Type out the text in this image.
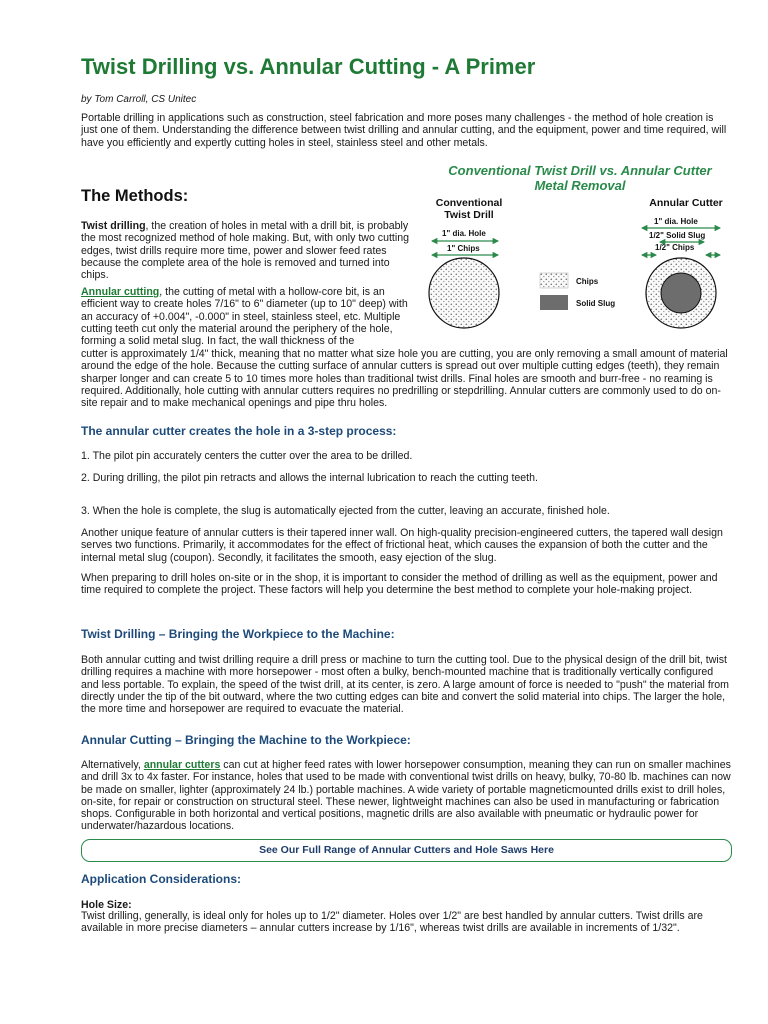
Twist Drilling vs. Annular Cutting - A Primer
by Tom Carroll, CS Unitec

Portable drilling in applications such as construction, steel fabrication and more poses many challenges - the method of hole creation is just one of them. Understanding the difference between twist drilling and annular cutting, and the equipment, power and time required, will have you efficiently and expertly cutting holes in steel, stainless steel and other metals.

The Methods:

Twist drilling, the creation of holes in metal with a drill bit, is probably the most recognized method of hole making. But, with only two cutting edges, twist drills require more time, power and slower feed rates because the complete area of the hole is removed and turned into chips.

Annular cutting, the cutting of metal with a hollow-core bit, is an efficient way to create holes 7/16" to 6" diameter (up to 10" deep) with an accuracy of +0.004", -0.000" in steel, stainless steel, etc. Multiple cutting teeth cut only the material around the periphery of the hole, forming a solid metal slug. In fact, the wall thickness of the

cutter is approximately 1/4" thick, meaning that no matter what size hole you are cutting, you are only removing a small amount of material around the edge of the hole. Because the cutting surface of annular cutters is spread out over multiple cutting edges (teeth), they remain sharper longer and can create 5 to 10 times more holes than traditional twist drills. Final holes are smooth and burr-free - no reaming is required. Additionally, hole cutting with annular cutters requires no predrilling or stepdrilling. Annular cutters are commonly used to do on-site repair and to make mechanical openings and pipe thru holes.

Conventional Twist Drill vs. Annular Cutter

Metal Removal

Conventional
Twist Drill
Annular Cutter
1" dia. Hole
1" Chips
1" dia. Hole
1/2" Solid Slug
1/2" Chips
Chips
Solid Slug
The annular cutter creates the hole in a 3-step process:

1. The pilot pin accurately centers the cutter over the area to be drilled.

2. During drilling, the pilot pin retracts and allows the internal lubrication to reach the cutting teeth.

3. When the hole is complete, the slug is automatically ejected from the cutter, leaving an accurate, finished hole.

Another unique feature of annular cutters is their tapered inner wall. On high-quality precision-engineered cutters, the tapered wall design serves two functions. Primarily, it accommodates for the effect of frictional heat, which causes the expansion of both the cutter and the internal metal slug (coupon). Secondly, it facilitates the smooth, easy ejection of the slug.

When preparing to drill holes on-site or in the shop, it is important to consider the method of drilling as well as the equipment, power and time required to complete the project. These factors will help you determine the best method to complete your hole-making project.

Twist Drilling – Bringing the Workpiece to the Machine:

Both annular cutting and twist drilling require a drill press or machine to turn the cutting tool. Due to the physical design of the drill bit, twist drilling requires a machine with more horsepower - most often a bulky, bench-mounted machine that is traditionally vertically configured and less portable. To explain, the speed of the twist drill, at its center, is zero. A large amount of force is needed to "push" the material from directly under the tip of the bit outward, where the two cutting edges can bite and convert the solid material into chips. The larger the hole, the more time and horsepower are required to evacuate the material.

Annular Cutting – Bringing the Machine to the Workpiece:

Alternatively, annular cutters can cut at higher feed rates with lower horsepower consumption, meaning they can run on smaller machines and drill 3x to 4x faster. For instance, holes that used to be made with conventional twist drills on heavy, bulky, 70-80 lb. machines can now be made on smaller, lighter (approximately 24 lb.) portable machines. A wide variety of portable magneticmounted drills exist to drill holes, on-site, for repair or construction on structural steel. These newer, lightweight machines can also be used in manufacturing or fabrication shops. Configurable in both horizontal and vertical positions, magnetic drills are also available with pneumatic or hydraulic power for underwater/hazardous locations.

See Our Full Range of Annular Cutters and Hole Saws Here
Application Considerations:

Hole Size:

Twist drilling, generally, is ideal only for holes up to 1/2" diameter. Holes over 1/2" are best handled by annular cutters. Twist drills are available in more precise diameters – annular cutters increase by 1/16", whereas twist drills are available in increments of 1/32".
